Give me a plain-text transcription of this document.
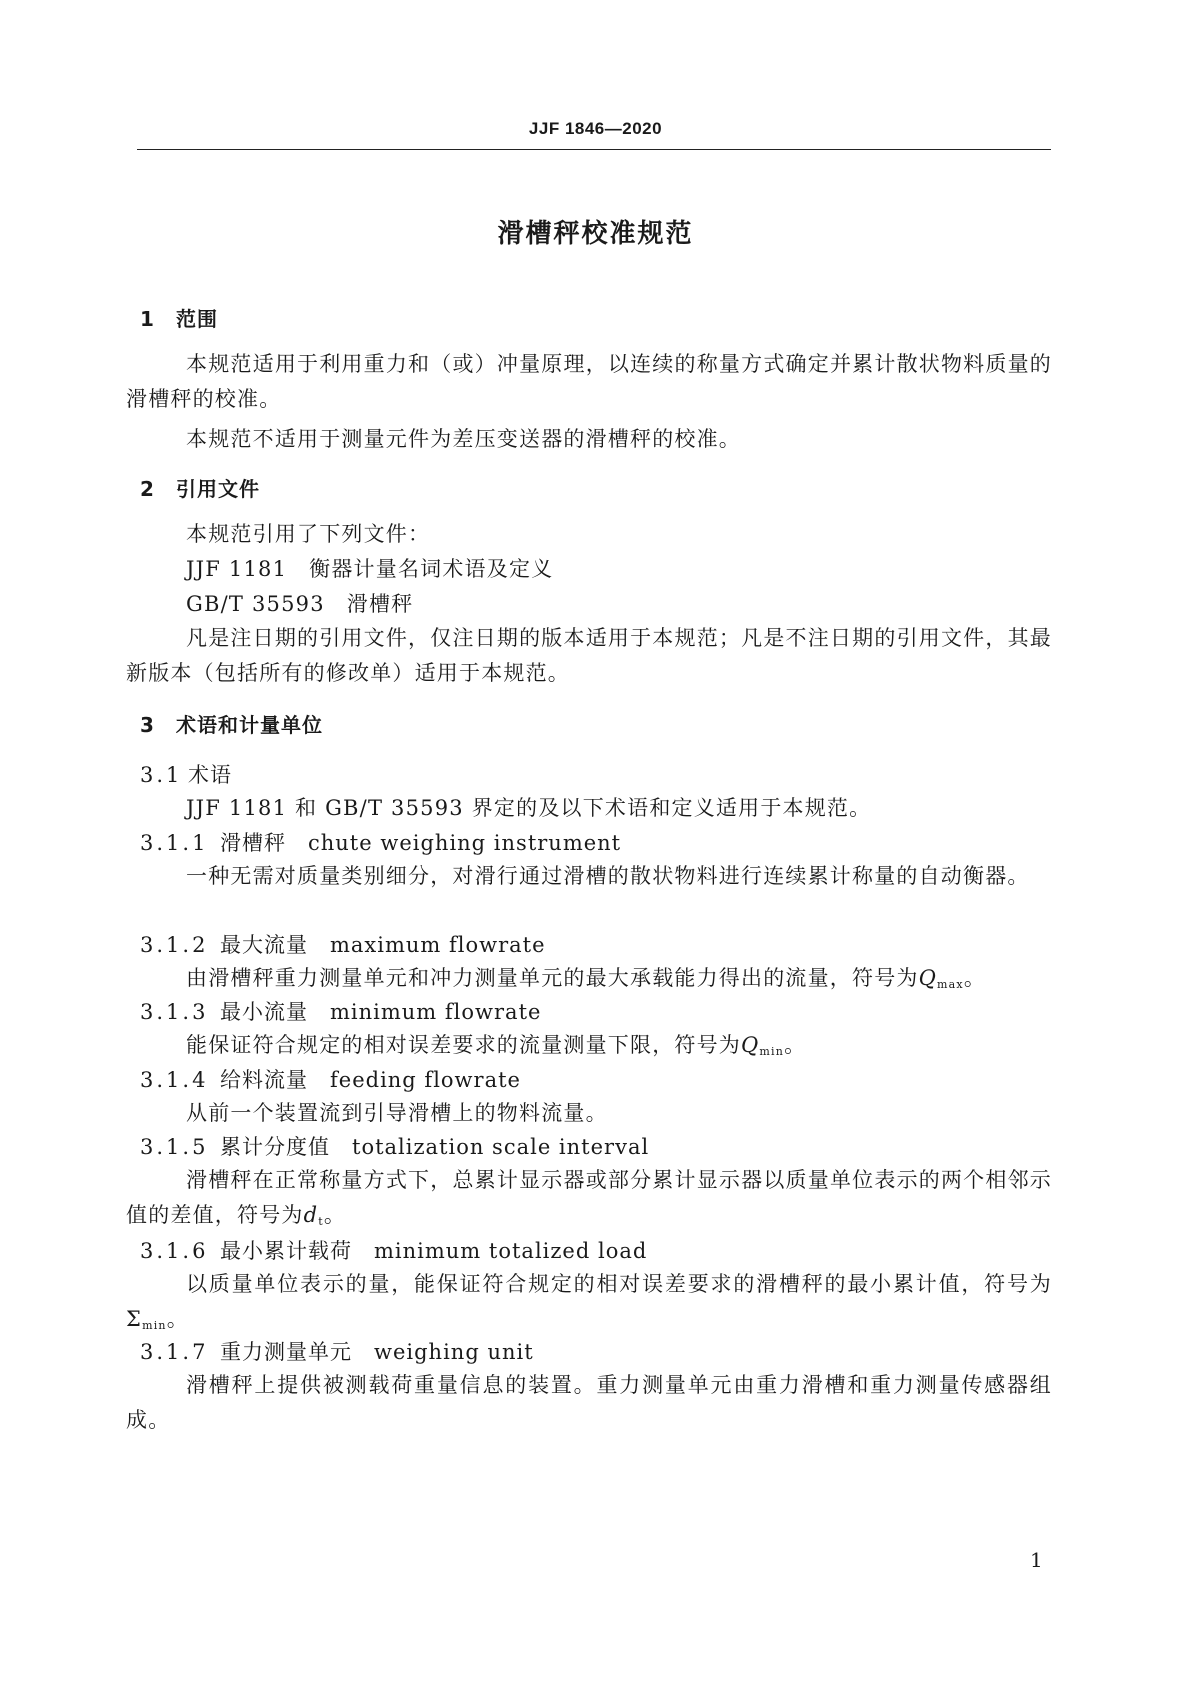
JJF 1846—2020
滑槽秤校准规范
1 范围
本规范适用于利用重力和（或）冲量原理，以连续的称量方式确定并累计散状物料质量的滑槽秤的校准。
本规范不适用于测量元件为差压变送器的滑槽秤的校准。
2 引用文件
本规范引用了下列文件：
JJF 1181 衡器计量名词术语及定义
GB/T 35593 滑槽秤
凡是注日期的引用文件，仅注日期的版本适用于本规范；凡是不注日期的引用文件，其最新版本（包括所有的修改单）适用于本规范。
3 术语和计量单位
3.1 术语
JJF 1181 和 GB/T 35593 界定的及以下术语和定义适用于本规范。
3.1.1 滑槽秤 chute weighing instrument
一种无需对质量类别细分，对滑行通过滑槽的散状物料进行连续累计称量的自动衡器。
3.1.2 最大流量 maximum flowrate
由滑槽秤重力测量单元和冲力测量单元的最大承载能力得出的流量，符号为$Q_{max}$。
3.1.3 最小流量 minimum flowrate
能保证符合规定的相对误差要求的流量测量下限，符号为$Q_{min}$。
3.1.4 给料流量 feeding flowrate
从前一个装置流到引导滑槽上的物料流量。
3.1.5 累计分度值 totalization scale interval
滑槽秤在正常称量方式下，总累计显示器或部分累计显示器以质量单位表示的两个相邻示值的差值，符号为$d_t$。
3.1.6 最小累计载荷 minimum totalized load
以质量单位表示的量，能保证符合规定的相对误差要求的滑槽秤的最小累计值，符号为$\Sigma_{min}$。
3.1.7 重力测量单元 weighing unit
滑槽秤上提供被测载荷重量信息的装置。重力测量单元由重力滑槽和重力测量传感器组成。
1
